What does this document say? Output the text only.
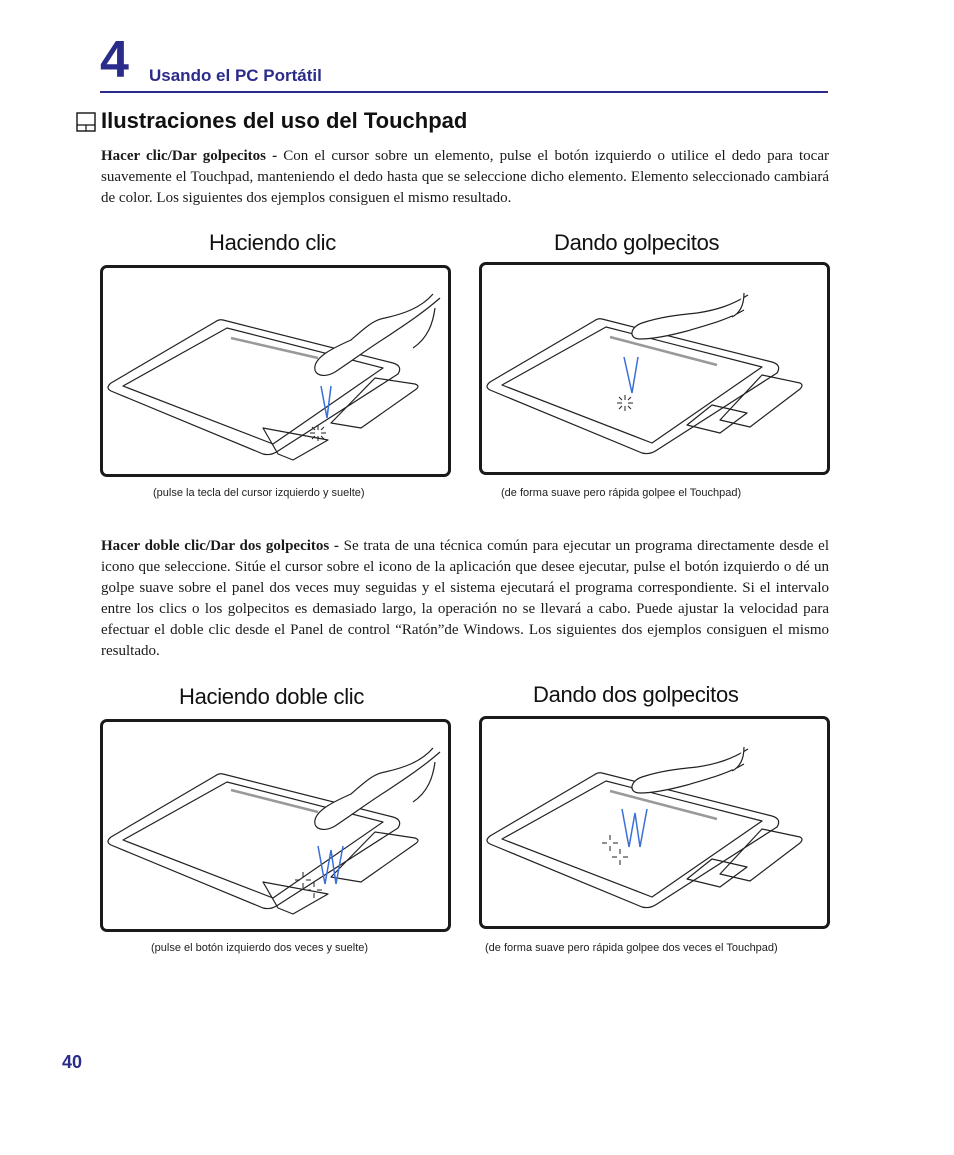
4 Usando el PC Portátil
Ilustraciones del uso del Touchpad
Hacer clic/Dar golpecitos - Con el cursor sobre un elemento, pulse el botón izquierdo o utilice el dedo para tocar suavemente el Touchpad, manteniendo el dedo hasta que se seleccione dicho elemento. Elemento seleccionado cambiará de color. Los siguientes dos ejemplos consiguen el mismo resultado.
Haciendo clic	Dando golpecitos
(pulse la tecla del cursor izquierdo y suelte)	(de forma suave pero rápida golpee el Touchpad)
Hacer doble clic/Dar dos golpecitos - Se trata de una técnica común para ejecutar un programa directamente desde el icono que seleccione. Sitúe el cursor sobre el icono de la aplicación que desee ejecutar, pulse el botón izquierdo o dé un golpe suave sobre el panel dos veces muy seguidas y el sistema ejecutará el programa correspondiente. Si el intervalo entre los clics o los golpecitos es demasiado largo, la operación no se llevará a cabo. Puede ajustar la velocidad para efectuar el doble clic desde el Panel de control “Ratón”de Windows. Los siguientes dos ejemplos consiguen el mismo resultado.
Haciendo doble clic	Dando dos golpecitos
(pulse el botón izquierdo dos veces y suelte)	(de forma suave pero rápida golpee dos veces el Touchpad)
40
